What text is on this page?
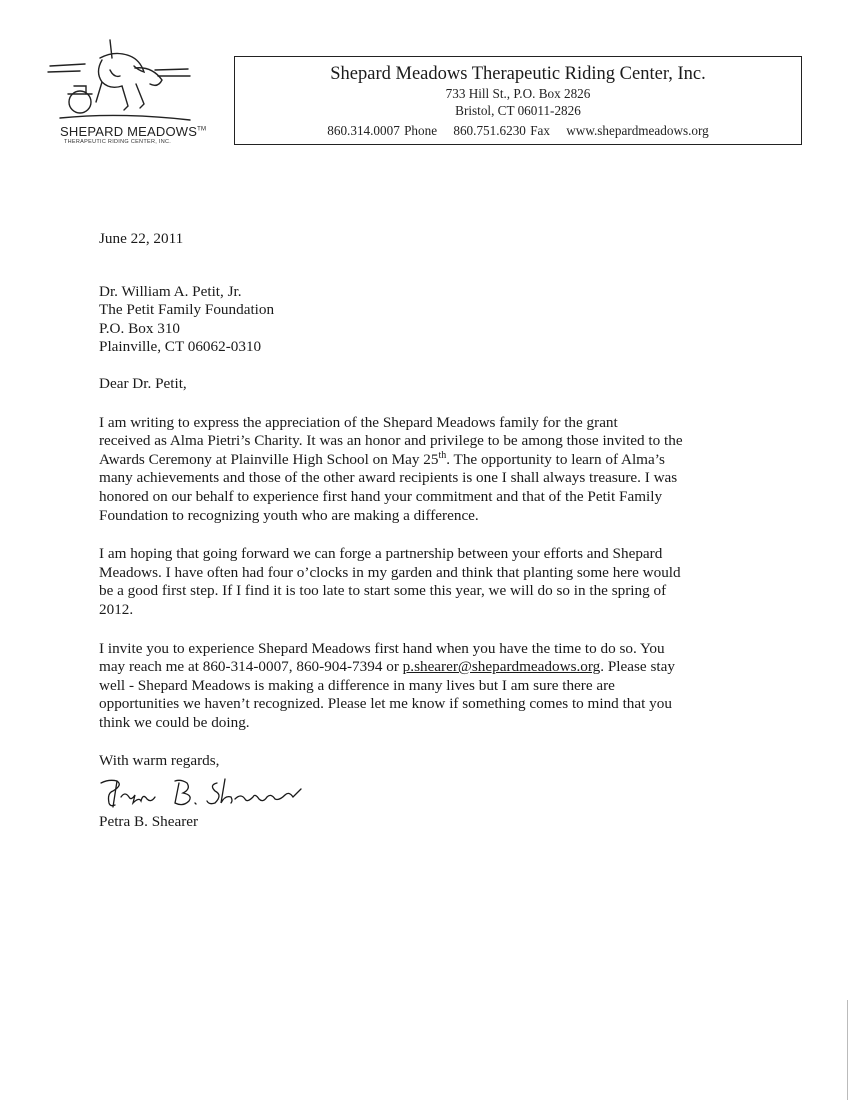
SHEPARD MEADOWS™
THERAPEUTIC RIDING CENTER, INC.
Shepard Meadows Therapeutic Riding Center, Inc.
733 Hill St., P.O. Box 2826
Bristol, CT 06011-2826
860.314.0007 Phone 860.751.6230 Fax www.shepardmeadows.org
June 22, 2011
Dr. William A. Petit, Jr.
The Petit Family Foundation
P.O. Box 310
Plainville, CT 06062-0310
Dear Dr. Petit,
I am writing to express the appreciation of the Shepard Meadows family for the grant
received as Alma Pietri’s Charity. It was an honor and privilege to be among those invited to the
Awards Ceremony at Plainville High School on May 25th. The opportunity to learn of Alma’s
many achievements and those of the other award recipients is one I shall always treasure. I was
honored on our behalf to experience first hand your commitment and that of the Petit Family
Foundation to recognizing youth who are making a difference.
I am hoping that going forward we can forge a partnership between your efforts and Shepard
Meadows. I have often had four o’clocks in my garden and think that planting some here would
be a good first step. If I find it is too late to start some this year, we will do so in the spring of
2012.
I invite you to experience Shepard Meadows first hand when you have the time to do so. You
may reach me at 860-314-0007, 860-904-7394 or p.shearer@shepardmeadows.org. Please stay
well - Shepard Meadows is making a difference in many lives but I am sure there are
opportunities we haven’t recognized. Please let me know if something comes to mind that you
think we could be doing.
With warm regards,
Petra B. Shearer
